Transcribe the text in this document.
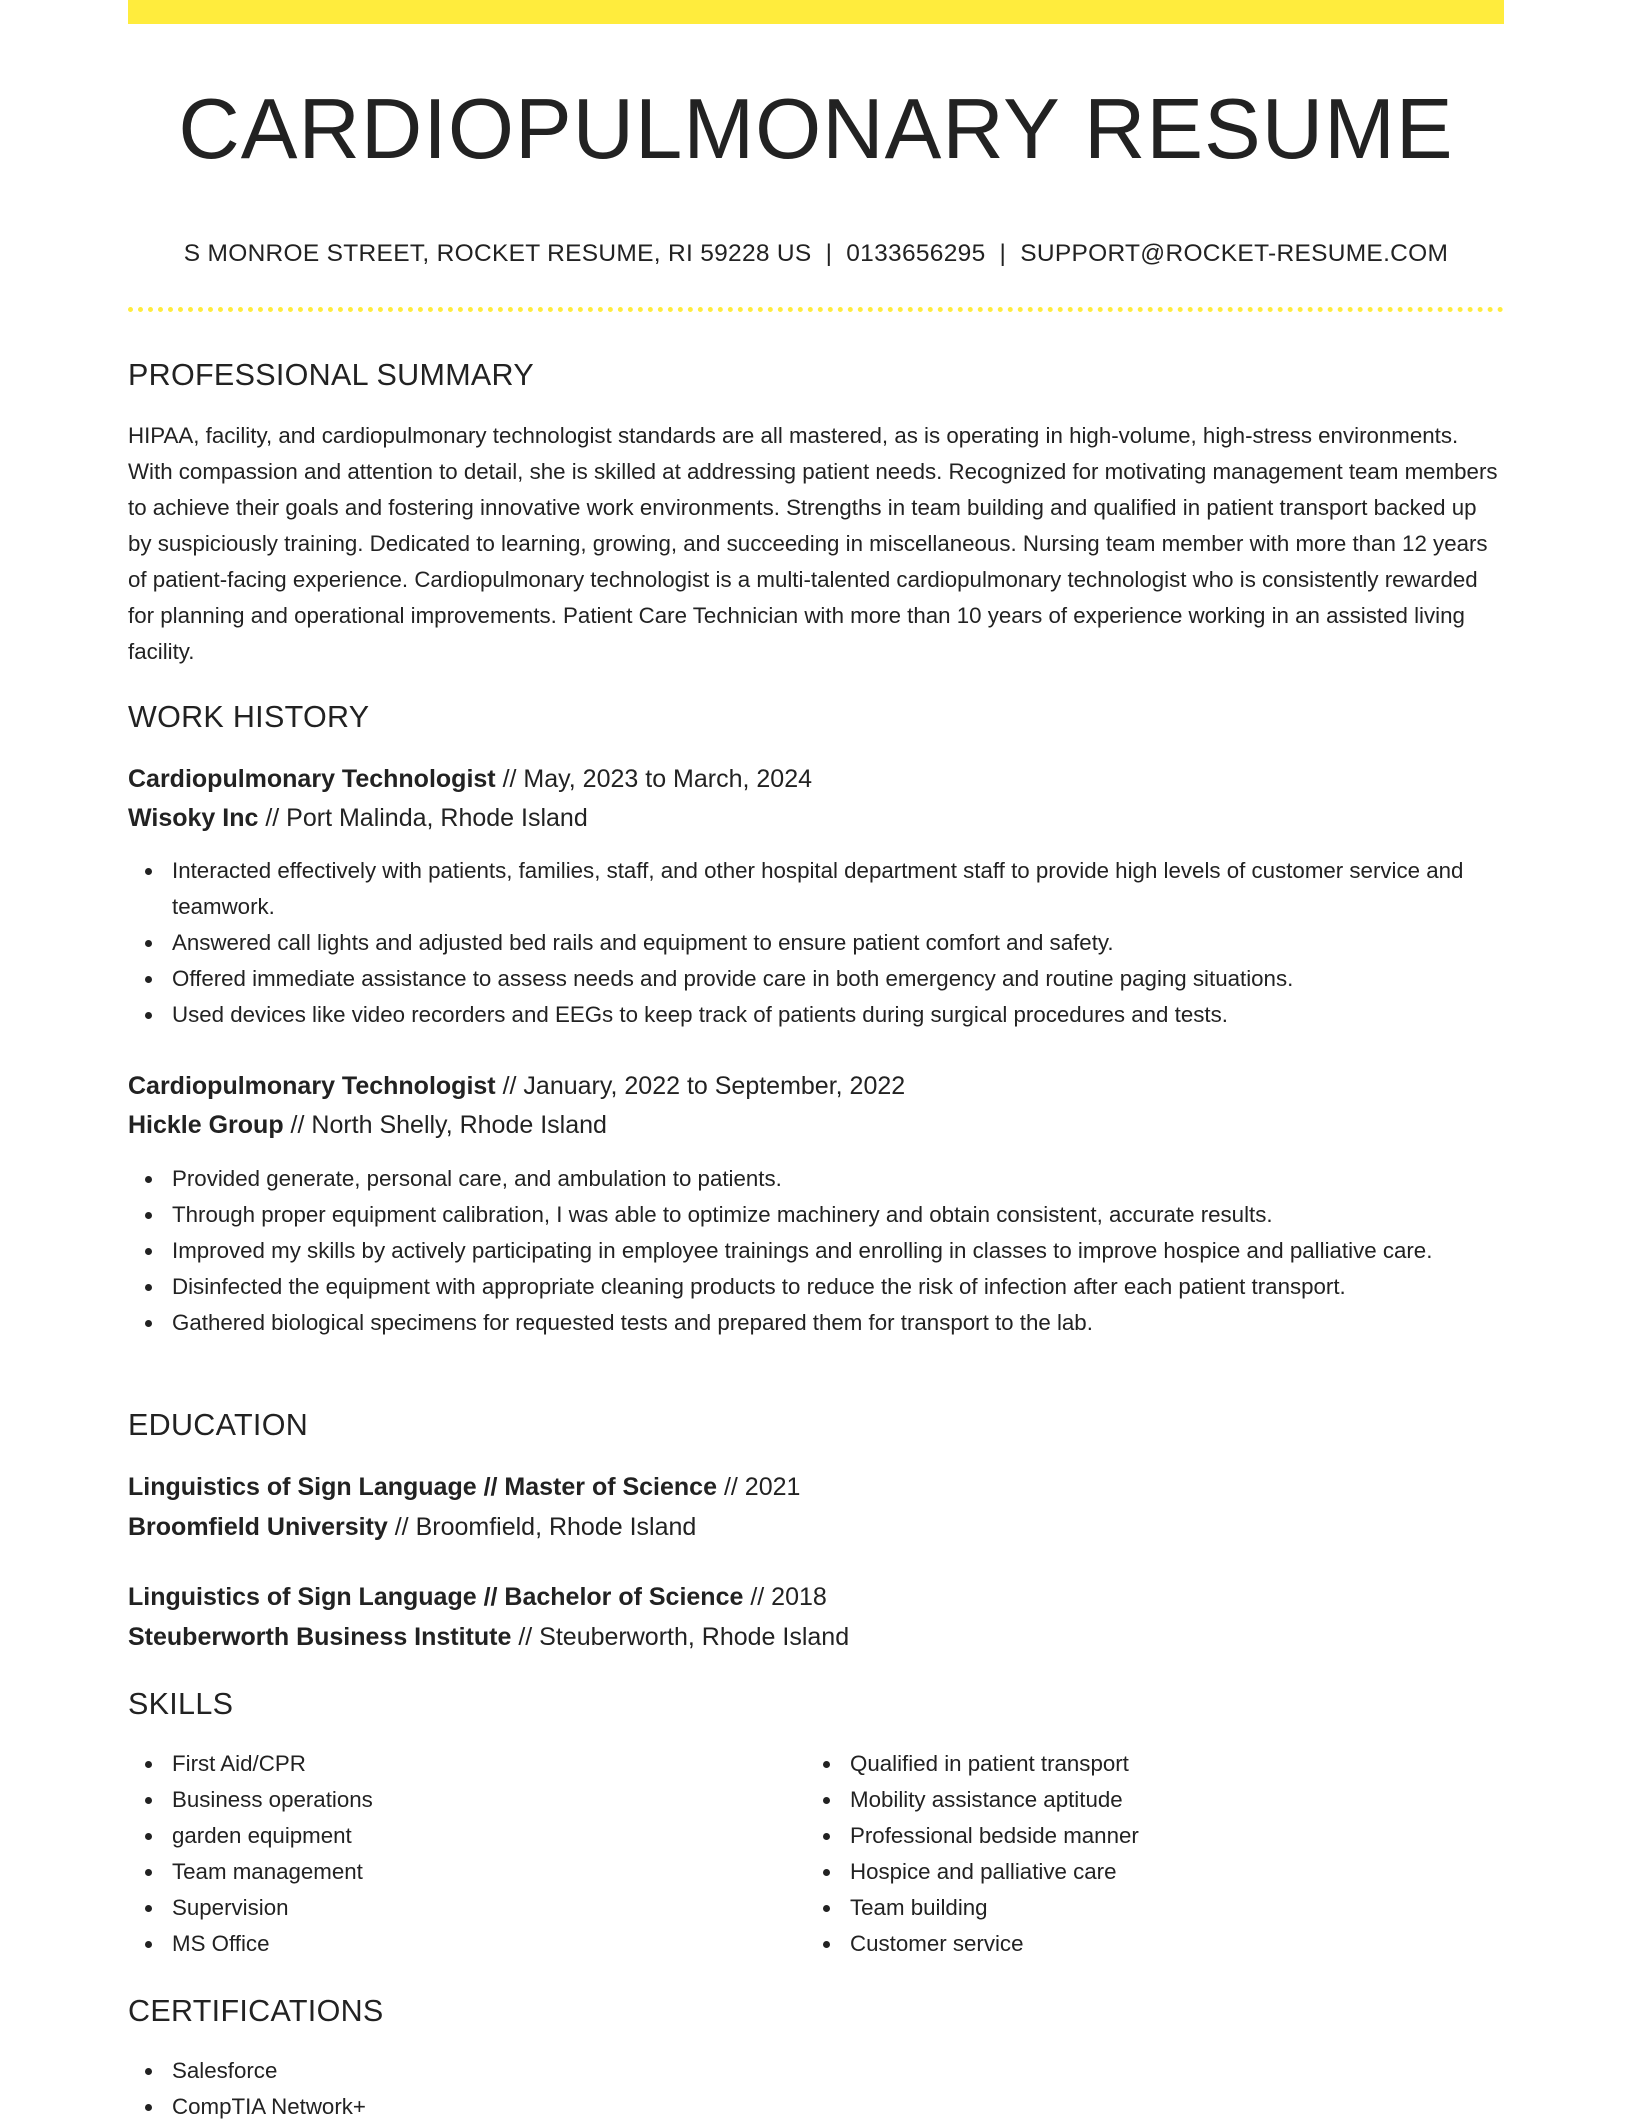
CARDIOPULMONARY RESUME
S MONROE STREET, ROCKET RESUME, RI 59228 US | 0133656295 | SUPPORT@ROCKET-RESUME.COM
PROFESSIONAL SUMMARY

HIPAA, facility, and cardiopulmonary technologist standards are all mastered, as is operating in high-volume, high-stress environments. With compassion and attention to detail, she is skilled at addressing patient needs. Recognized for motivating management team members to achieve their goals and fostering innovative work environments. Strengths in team building and qualified in patient transport backed up by suspiciously training. Dedicated to learning, growing, and succeeding in miscellaneous. Nursing team member with more than 12 years of patient-facing experience. Cardiopulmonary technologist is a multi-talented cardiopulmonary technologist who is consistently rewarded for planning and operational improvements. Patient Care Technician with more than 10 years of experience working in an assisted living facility.

WORK HISTORY
Cardiopulmonary Technologist // May, 2023 to March, 2024
Wisoky Inc // Port Malinda, Rhode Island
Interacted effectively with patients, families, staff, and other hospital department staff to provide high levels of customer service and teamwork.
Answered call lights and adjusted bed rails and equipment to ensure patient comfort and safety.
Offered immediate assistance to assess needs and provide care in both emergency and routine paging situations.
Used devices like video recorders and EEGs to keep track of patients during surgical procedures and tests.
Cardiopulmonary Technologist // January, 2022 to September, 2022
Hickle Group // North Shelly, Rhode Island
Provided generate, personal care, and ambulation to patients.
Through proper equipment calibration, I was able to optimize machinery and obtain consistent, accurate results.
Improved my skills by actively participating in employee trainings and enrolling in classes to improve hospice and palliative care.
Disinfected the equipment with appropriate cleaning products to reduce the risk of infection after each patient transport.
Gathered biological specimens for requested tests and prepared them for transport to the lab.
EDUCATION
Linguistics of Sign Language // Master of Science // 2021
Broomfield University // Broomfield, Rhode Island
Linguistics of Sign Language // Bachelor of Science // 2018
Steuberworth Business Institute // Steuberworth, Rhode Island
SKILLS
First Aid/CPR
Business operations
garden equipment
Team management
Supervision
MS Office
Qualified in patient transport
Mobility assistance aptitude
Professional bedside manner
Hospice and palliative care
Team building
Customer service
CERTIFICATIONS
Salesforce
CompTIA Network+
